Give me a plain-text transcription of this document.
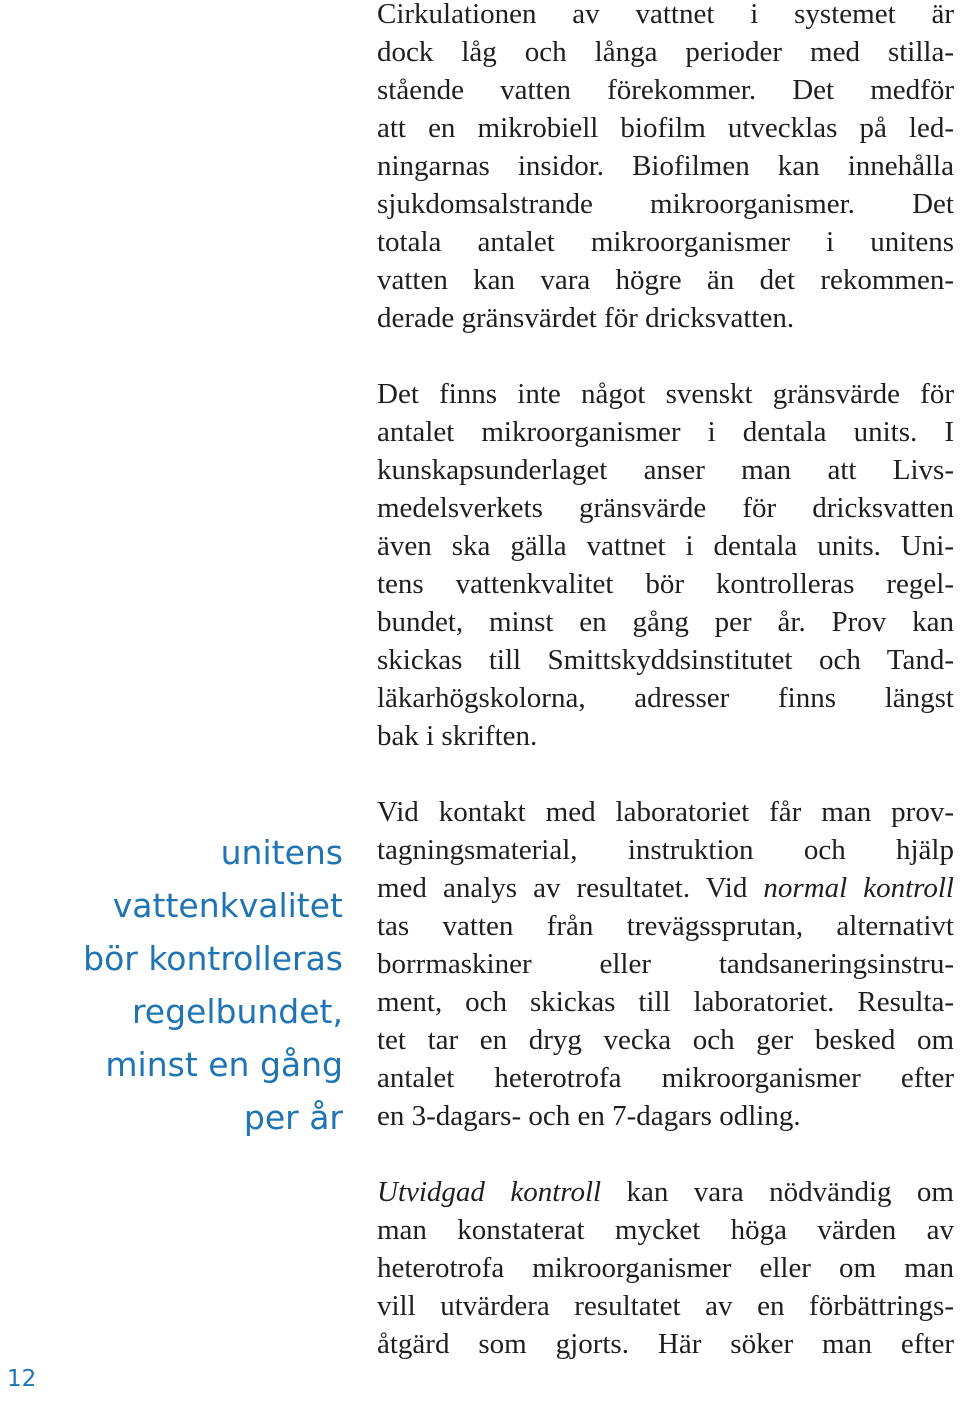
Cirkulationen av vattnet i systemet är
dock låg och långa perioder med stilla-
stående vatten förekommer. Det medför
att en mikrobiell biofilm utvecklas på led-
ningarnas insidor. Biofilmen kan innehålla
sjukdomsalstrande mikroorganismer. Det
totala antalet mikroorganismer i unitens
vatten kan vara högre än det rekommen-
derade gränsvärdet för dricksvatten.

Det finns inte något svenskt gränsvärde för
antalet mikroorganismer i dentala units. I
kunskapsunderlaget anser man att Livs-
medelsverkets gränsvärde för dricksvatten
även ska gälla vattnet i dentala units. Uni-
tens vattenkvalitet bör kontrolleras regel-
bundet, minst en gång per år. Prov kan
skickas till Smittskyddsinstitutet och Tand-
läkarhögskolorna, adresser finns längst
bak i skriften.

Vid kontakt med laboratoriet får man prov-
tagningsmaterial, instruktion och hjälp
med analys av resultatet. Vid normal kontroll
tas vatten från trevägssprutan, alternativt
borrmaskiner eller tandsaneringsinstru-
ment, och skickas till laboratoriet. Resulta-
tet tar en dryg vecka och ger besked om
antalet heterotrofa mikroorganismer efter
en 3-dagars- och en 7-dagars odling.

Utvidgad kontroll kan vara nödvändig om
man konstaterat mycket höga värden av
heterotrofa mikroorganismer eller om man
vill utvärdera resultatet av en förbättrings-
åtgärd som gjorts. Här söker man efter

unitens
vattenkvalitet
bör kontrolleras
regelbundet,
minst en gång
per år
12
